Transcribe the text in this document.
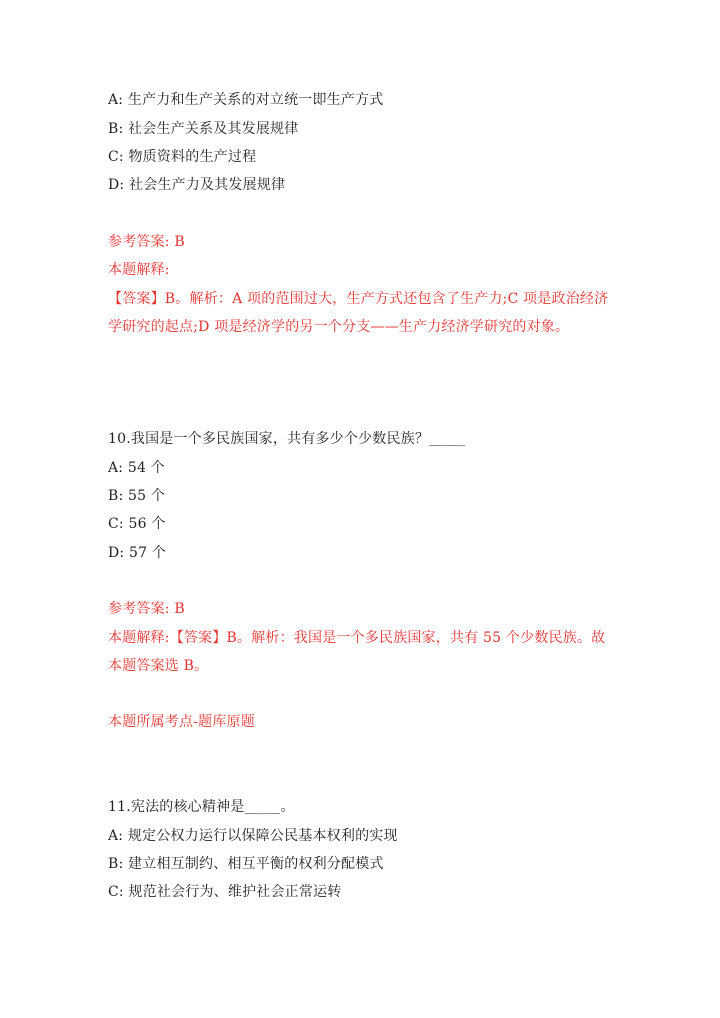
A: 生产力和生产关系的对立统一即生产方式
B: 社会生产关系及其发展规律
C: 物质资料的生产过程
D: 社会生产力及其发展规律
参考答案: B
本题解释:
【答案】B。解析：A 项的范围过大，生产方式还包含了生产力;C 项是政治经济
学研究的起点;D 项是经济学的另一个分支——生产力经济学研究的对象。
10.我国是一个多民族国家，共有多少个少数民族？_____
A: 54 个
B: 55 个
C: 56 个
D: 57 个
参考答案: B
本题解释:【答案】B。解析：我国是一个多民族国家，共有 55 个少数民族。故
本题答案选 B。
本题所属考点-题库原题
11.宪法的核心精神是_____。
A: 规定公权力运行以保障公民基本权利的实现
B: 建立相互制约、相互平衡的权利分配模式
C: 规范社会行为、维护社会正常运转
